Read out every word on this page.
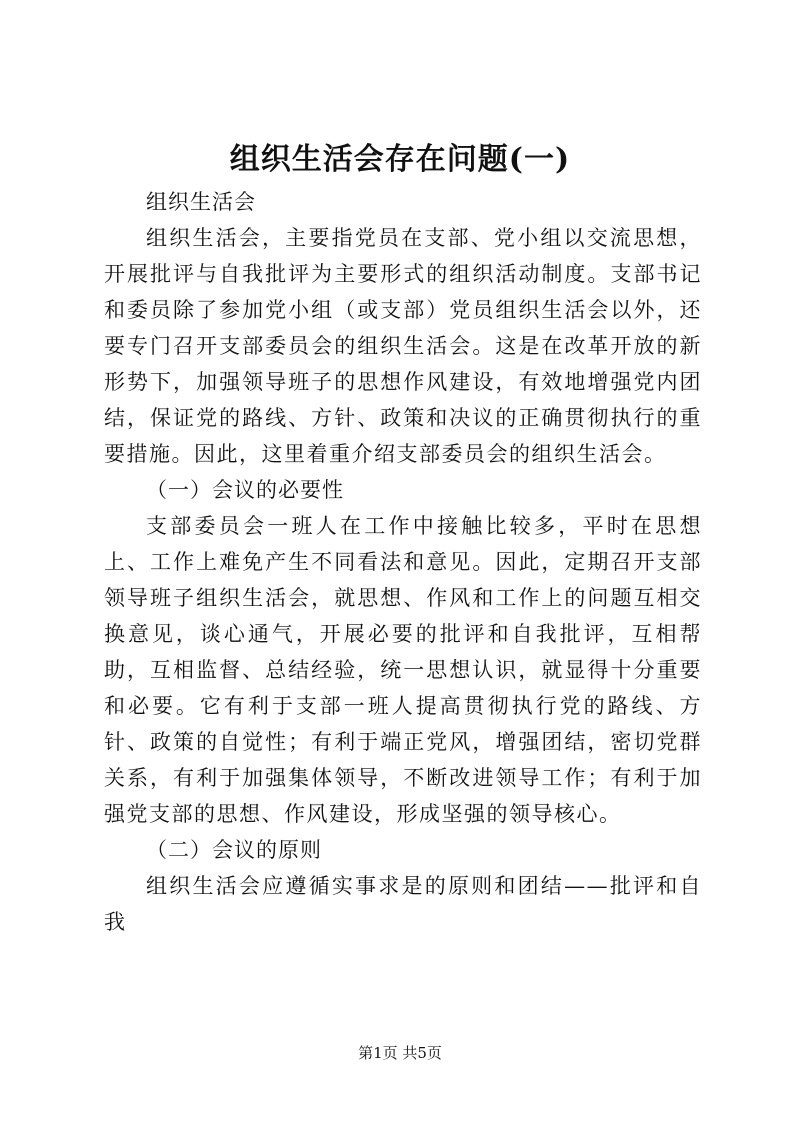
组织生活会存在问题(一)

组织生活会

组织生活会，主要指党员在支部、党小组以交流思想，开展批评与自我批评为主要形式的组织活动制度。支部书记和委员除了参加党小组（或支部）党员组织生活会以外，还要专门召开支部委员会的组织生活会。这是在改革开放的新形势下，加强领导班子的思想作风建设，有效地增强党内团结，保证党的路线、方针、政策和决议的正确贯彻执行的重要措施。因此，这里着重介绍支部委员会的组织生活会。

（一）会议的必要性

支部委员会一班人在工作中接触比较多，平时在思想上、工作上难免产生不同看法和意见。因此，定期召开支部领导班子组织生活会，就思想、作风和工作上的问题互相交换意见，谈心通气，开展必要的批评和自我批评，互相帮助，互相监督、总结经验，统一思想认识，就显得十分重要和必要。它有利于支部一班人提高贯彻执行党的路线、方针、政策的自觉性；有利于端正党风，增强团结，密切党群关系，有利于加强集体领导，不断改进领导工作；有利于加强党支部的思想、作风建设，形成坚强的领导核心。

（二）会议的原则

组织生活会应遵循实事求是的原则和团结——批评和自我

第1页 共5页
